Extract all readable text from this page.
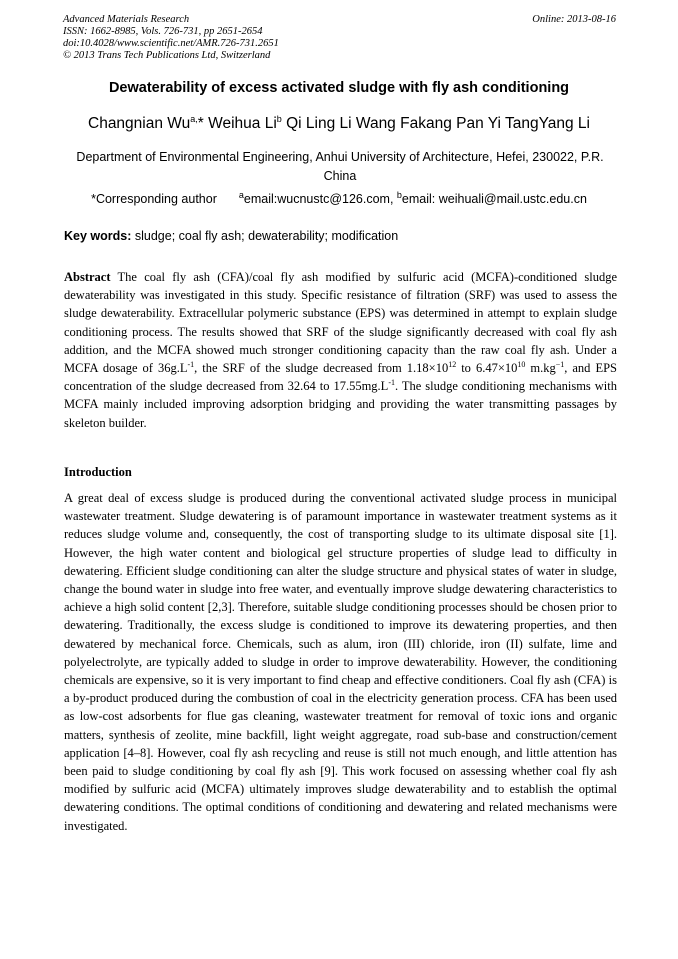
Advanced Materials Research
ISSN: 1662-8985, Vols. 726-731, pp 2651-2654
doi:10.4028/www.scientific.net/AMR.726-731.2651
© 2013 Trans Tech Publications Ltd, Switzerland
Online: 2013-08-16
Dewaterability of excess activated sludge with fly ash conditioning
Changnian $Wu^{a,}*$ Weihua Li$^b$ Qi Ling Li Wang Fakang Pan Yi TangYang Li
Department of Environmental Engineering, Anhui University of Architecture, Hefei, 230022, P.R. China
*Corresponding author $^a$email:wucnustc@126.com, $^b$email: weihuali@mail.ustc.edu.cn
Key words: sludge; coal fly ash; dewaterability; modification
Abstract The coal fly ash (CFA)/coal fly ash modified by sulfuric acid (MCFA)-conditioned sludge dewaterability was investigated in this study. Specific resistance of filtration (SRF) was used to assess the sludge dewaterability. Extracellular polymeric substance (EPS) was determined in attempt to explain sludge conditioning process. The results showed that SRF of the sludge significantly decreased with coal fly ash addition, and the MCFA showed much stronger conditioning capacity than the raw coal fly ash. Under a MCFA dosage of $36g.L^{-1}$, the SRF of the sludge decreased from $1.18\times 10^{12}$ to $6.47\times 10^{10}$ $m.kg^{-1}$, and EPS concentration of the sludge decreased from 32.64 to $17.55mg.L^{-1}$. The sludge conditioning mechanisms with MCFA mainly included improving adsorption bridging and providing the water transmitting passages by skeleton builder.
Introduction
A great deal of excess sludge is produced during the conventional activated sludge process in municipal wastewater treatment. Sludge dewatering is of paramount importance in wastewater treatment systems as it reduces sludge volume and, consequently, the cost of transporting sludge to its ultimate disposal site [1]. However, the high water content and biological gel structure properties of sludge lead to difficulty in dewatering. Efficient sludge conditioning can alter the sludge structure and physical states of water in sludge, change the bound water in sludge into free water, and eventually improve sludge dewatering characteristics to achieve a high solid content [2,3]. Therefore, suitable sludge conditioning processes should be chosen prior to dewatering. Traditionally, the excess sludge is conditioned to improve its dewatering properties, and then dewatered by mechanical force. Chemicals, such as alum, iron (III) chloride, iron (II) sulfate, lime and polyelectrolyte, are typically added to sludge in order to improve dewaterability. However, the conditioning chemicals are expensive, so it is very important to find cheap and effective conditioners. Coal fly ash (CFA) is a by-product produced during the combustion of coal in the electricity generation process. CFA has been used as low-cost adsorbents for flue gas cleaning, wastewater treatment for removal of toxic ions and organic matters, synthesis of zeolite, mine backfill, light weight aggregate, road sub-base and construction/cement application [4–8]. However, coal fly ash recycling and reuse is still not much enough, and little attention has been paid to sludge conditioning by coal fly ash [9]. This work focused on assessing whether coal fly ash modified by sulfuric acid (MCFA) ultimately improves sludge dewaterability and to establish the optimal dewatering conditions. The optimal conditions of conditioning and dewatering and related mechanisms were investigated.
